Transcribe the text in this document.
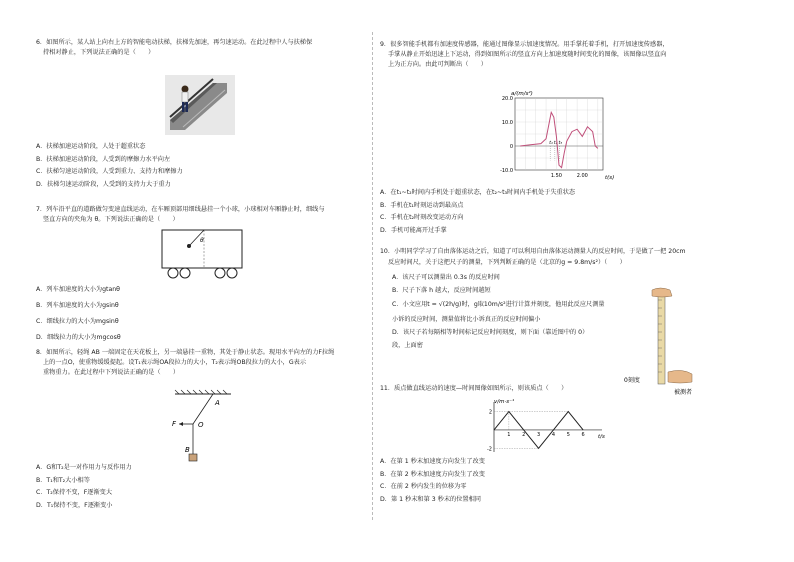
6．如图所示，某人站上向右上方的智能电动扶梯，扶梯先加速，再匀速运动。在此过程中人与扶梯保

持相对静止，下列说法正确的是（　　）

A．扶梯加速运动阶段，人处于超重状态

B．扶梯加速运动阶段，人受到的摩擦力水平向左

C．扶梯匀速运动阶段，人受到重力、支持力和摩擦力

D．扶梯匀速运动阶段，人受到的支持力大于重力

7．列车沿平直的道路做匀变速直线运动，在车厢顶部用细线悬挂一个小球，小球相对车厢静止时，细线与

竖直方向的夹角为 θ。下列说法正确的是（　　）

θ

A．列车加速度的大小为gtanθ

B．列车加速度的大小为gsinθ

C．细线拉力的大小为mgsinθ

D．细线拉力的大小为mgcosθ

8．如图所示，轻绳 AB 一端固定在天花板上，另一端悬挂一重物，其处于静止状态。现用水平向左的力F拉绳

上的一点O，使重物缓缓提起。设T₁表示绳OA段拉力的大小，T₂表示绳OB段拉力的大小，G表示

重物重力。在此过程中下列说法正确的是（　　）

A
O
F
B

A．G和T₂是一对作用力与反作用力

B．T₁和T₂大小相等

C．T₂保持不变，F逐渐变大

D．T₁保持不变，F逐渐变小

9．很多智能手机都有加速度传感器，能通过图像显示加速度情况。用手掌托着手机，打开加速度传感器，

手掌从静止开始迅速上下运动，得到如图所示的竖直方向上加速度随时间变化的图像，该图像以竖直向

上为正方向。由此可判断出（　　）

20.0
10.0
0
-10.0
1.50	2.00
t₁ t₂ t₃
a/(m/s²)
t(s)

A．在t₁~t₂时间内手机处于超重状态，在t₂~t₃时间内手机处于失重状态

B．手机在t₁时刻运动到最高点

C．手机在t₂时刻改变运动方向

D．手机可能离开过手掌

10．小明同学学习了自由落体运动之后，知道了可以利用自由落体运动测量人的反应时间，于是做了一把 20cm

反应时间尺，关于这把尺子的测量，下列判断正确的是（北京的g = 9.8m/s²）（　　）

A．该尺子可以测量出 0.3s 的反应时间

B．尺子下落 h 越大，反应时间越短

C．小文应用t = √(2h/g)时，g取10m/s²进行计算并刻度，他用此反应尺测量

小诉的反应时间，测量值将比小诉真正的反应时间偏小

D．该尺子若每隔相等时间标记反应时间刻度，则下面（靠近图中的 0）

段，上面密

0刻度
被测者

11．质点做直线运动的速度—时间图像如图所示，则该质点（　　）

2
-2
1 2 3 4 5 6
v/m·s⁻¹
t/s

A．在第 1 秒末加速度方向发生了改变

B．在第 2 秒末加速度方向发生了改变

C．在前 2 秒内发生的位移为零

D．第 1 秒末和第 3 秒末的位置相同
